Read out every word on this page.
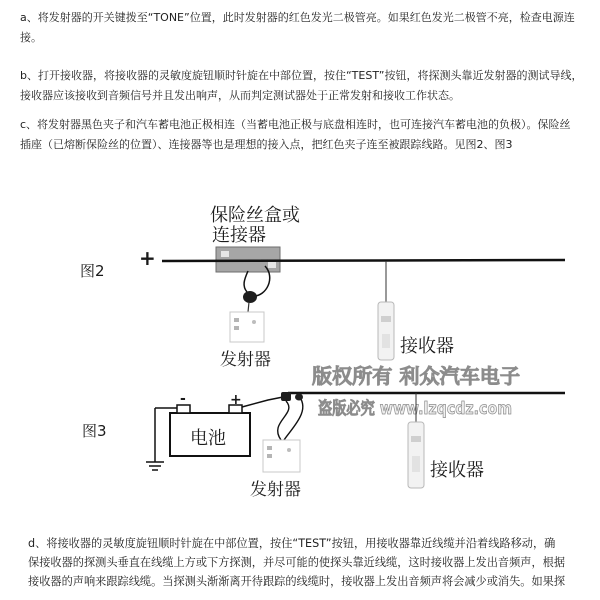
a、将发射器的开关键拨至“TONE”位置，此时发射器的红色发光二极管亮。如果红色发光二极管不亮，检查电源连
接。
b、打开接收器，将接收器的灵敏度旋钮顺时针旋在中部位置，按住“TEST”按钮，将探测头靠近发射器的测试导线，
接收器应该接收到音频信号并且发出响声，从而判定测试器处于正常发射和接收工作状态。
c、将发射器黑色夹子和汽车蓄电池正极相连（当蓄电池正极与底盘相连时，也可连接汽车蓄电池的负极）。保险丝
插座（已熔断保险丝的位置）、连接器等也是理想的接入点，把红色夹子连至被跟踪线路。见图2、图3
保险丝盒或
连接器
图2
+
发射器
接收器
版权所有 利众汽车电子
盗版必究 www.lzqcdz.com
图3
-	+
电池
发射器
接收器
d、将接收器的灵敏度旋钮顺时针旋在中部位置，按住“TEST”按钮，用接收器靠近线缆并沿着线路移动，确
保接收器的探测头垂直在线缆上方或下方探测，并尽可能的使探头靠近线缆，这时接收器上发出音频声，根据
接收器的声响来跟踪线缆。当探测头渐渐离开待跟踪的线缆时，接收器上发出音频声将会减少或消失。如果探
